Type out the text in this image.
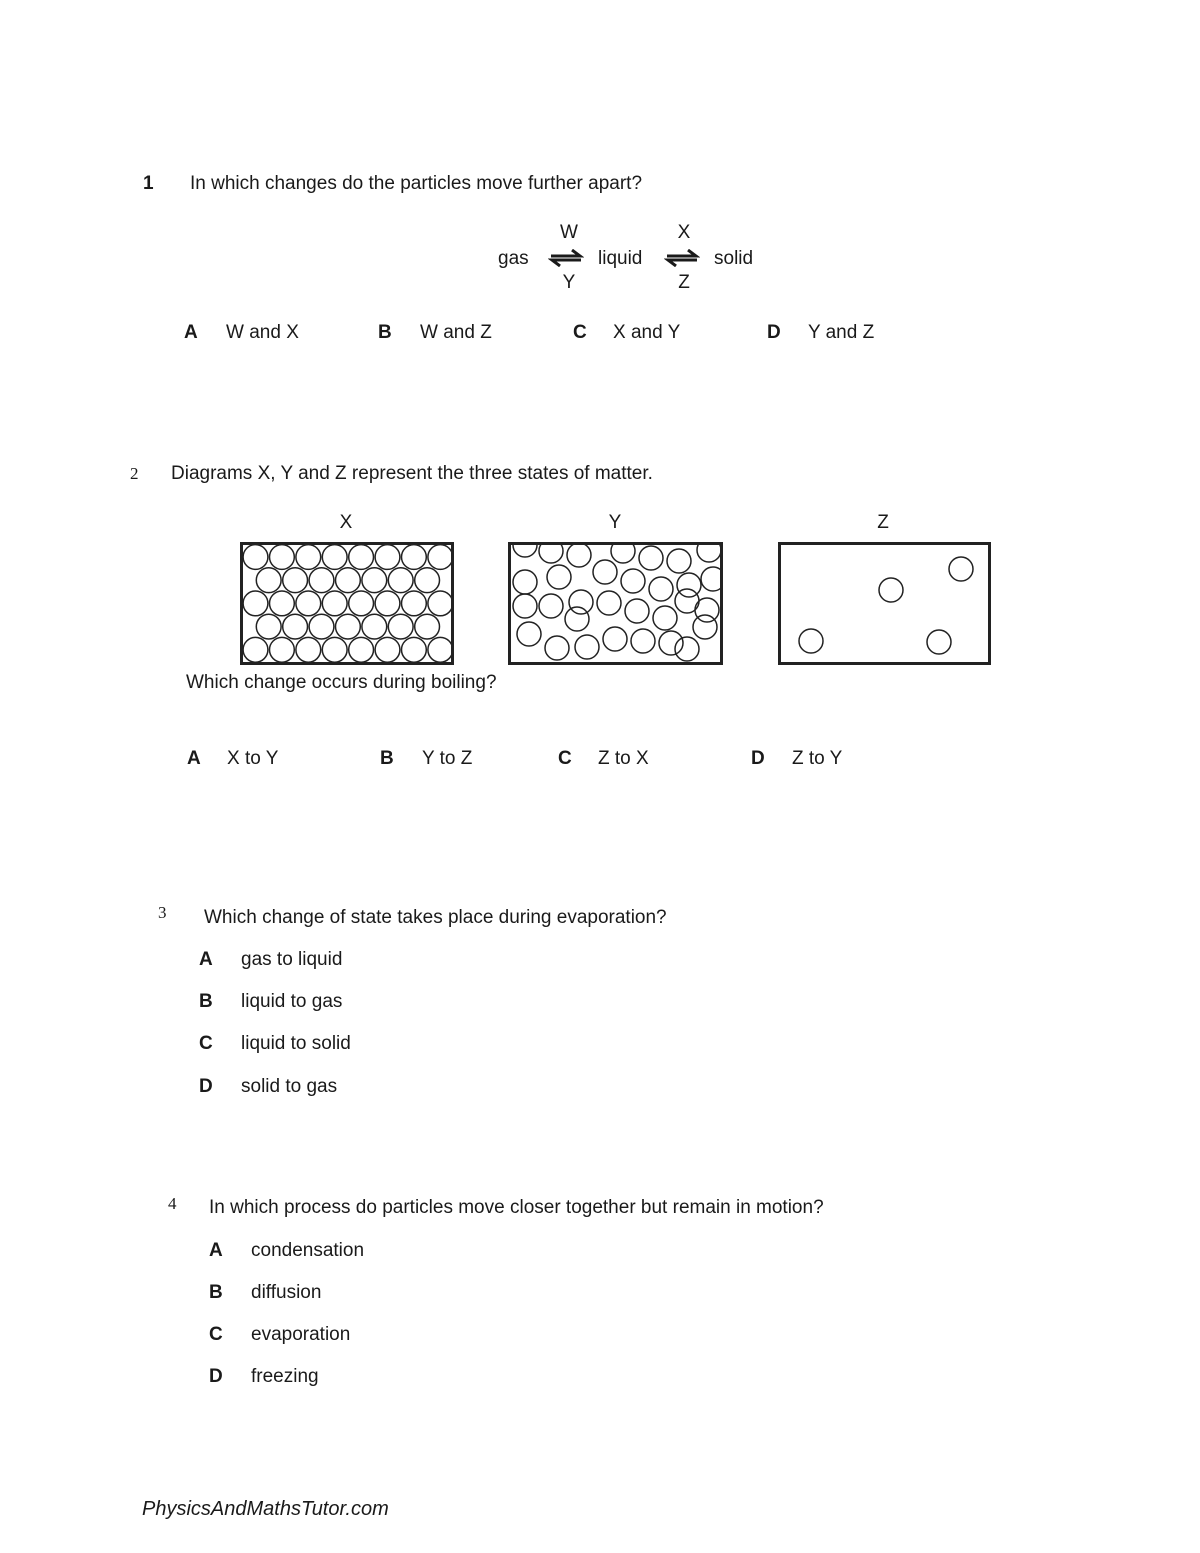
1 In which changes do the particles move further apart?
W
Y
X
Z
gas	liquid	solid
A W and X	B W and Z	C X and Y	D Y and Z
2 Diagrams X, Y and Z represent the three states of matter.
X	Y	Z
Which change occurs during boiling?
A X to Y	B Y to Z	C Z to X	D Z to Y
3 Which change of state takes place during evaporation?
A gas to liquid
B liquid to gas
C liquid to solid
D solid to gas
4 In which process do particles move closer together but remain in motion?
A condensation
B diffusion
C evaporation
D freezing
PhysicsAndMathsTutor.com
